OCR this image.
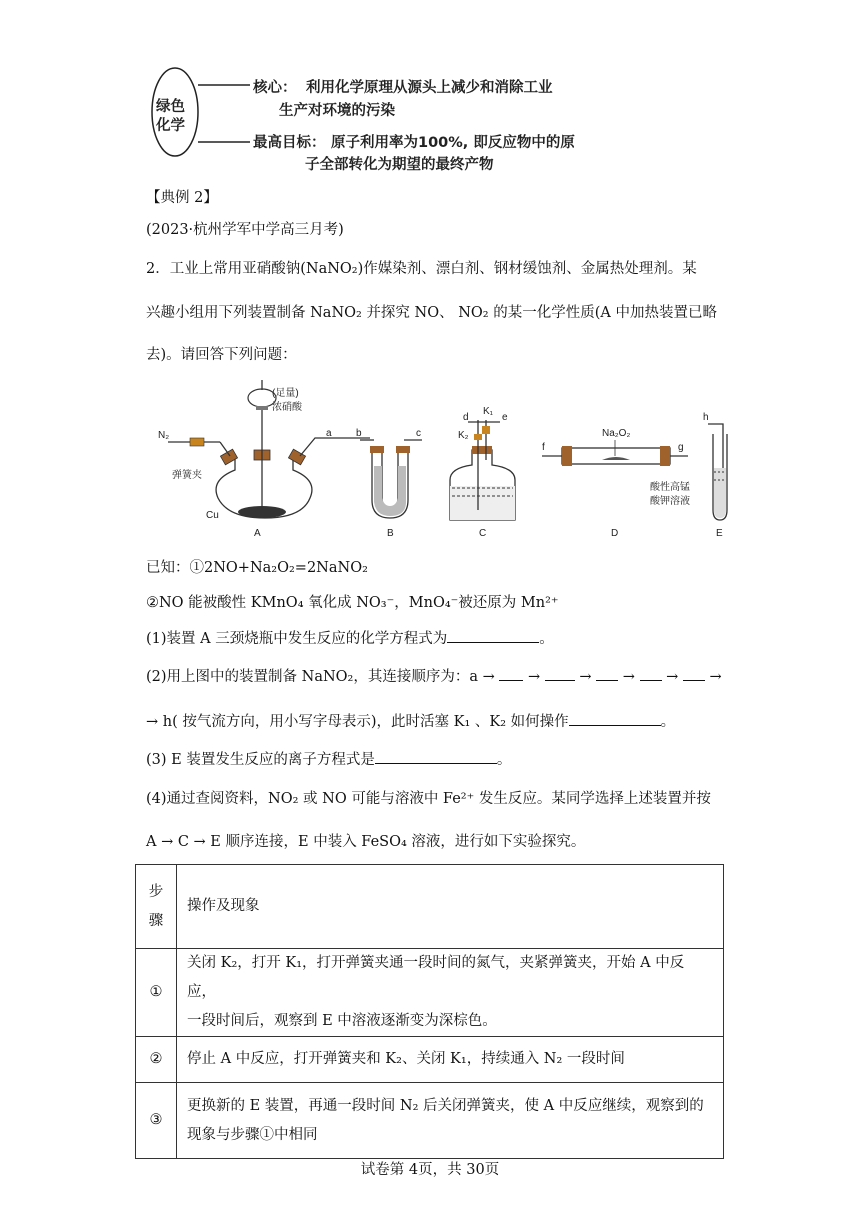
绿色
化学
核心： 利用化学原理从源头上减少和消除工业
生产对环境的污染
最高目标： 原子利用率为100%, 即反应物中的原
子全部转化为期望的最终产物
【典例 2】
(2023·杭州学军中学高三月考)
2．工业上常用亚硝酸钠(NaNO₂)作媒染剂、漂白剂、钢材缓蚀剂、金属热处理剂。某
兴趣小组用下列装置制备 NaNO₂ 并探究 NO、 NO₂ 的某一化学性质(A 中加热装置已略
去)。请回答下列问题：
(足量)
浓硝酸
N₂
弹簧夹
Cu
a
A
b	c
B
K₁
d	e
K₂
C
Na₂O₂
f	g
D
h
酸性高锰
酸钾溶液
E
已知：①2NO+Na₂O₂=2NaNO₂
②NO 能被酸性 KMnO₄ 氧化成 NO₃⁻，MnO₄⁻被还原为 Mn²⁺
(1)装置 A 三颈烧瓶中发生反应的化学方程式为	。
(2)用上图中的装置制备 NaNO₂，其连接顺序为：a →  →  →  →  →  →
→ h( 按气流方向，用小写字母表示)，此时活塞 K₁ 、K₂ 如何操作	。
(3) E 装置发生反应的离子方程式是	。
(4)通过查阅资料，NO₂ 或 NO 可能与溶液中 Fe²⁺ 发生反应。某同学选择上述装置并按
A → C → E 顺序连接，E 中装入 FeSO₄ 溶液，进行如下实验探究。
步
骤	操作及现象
①	关闭 K₂，打开 K₁，打开弹簧夹通一段时间的氮气，夹紧弹簧夹，开始 A 中反应，
一段时间后，观察到 E 中溶液逐渐变为深棕色。

②	停止 A 中反应，打开弹簧夹和 K₂、关闭 K₁，持续通入 N₂ 一段时间
③	更换新的 E 装置，再通一段时间 N₂ 后关闭弹簧夹，使 A 中反应继续，观察到的
现象与步骤①中相同
试卷第 4页，共 30页
